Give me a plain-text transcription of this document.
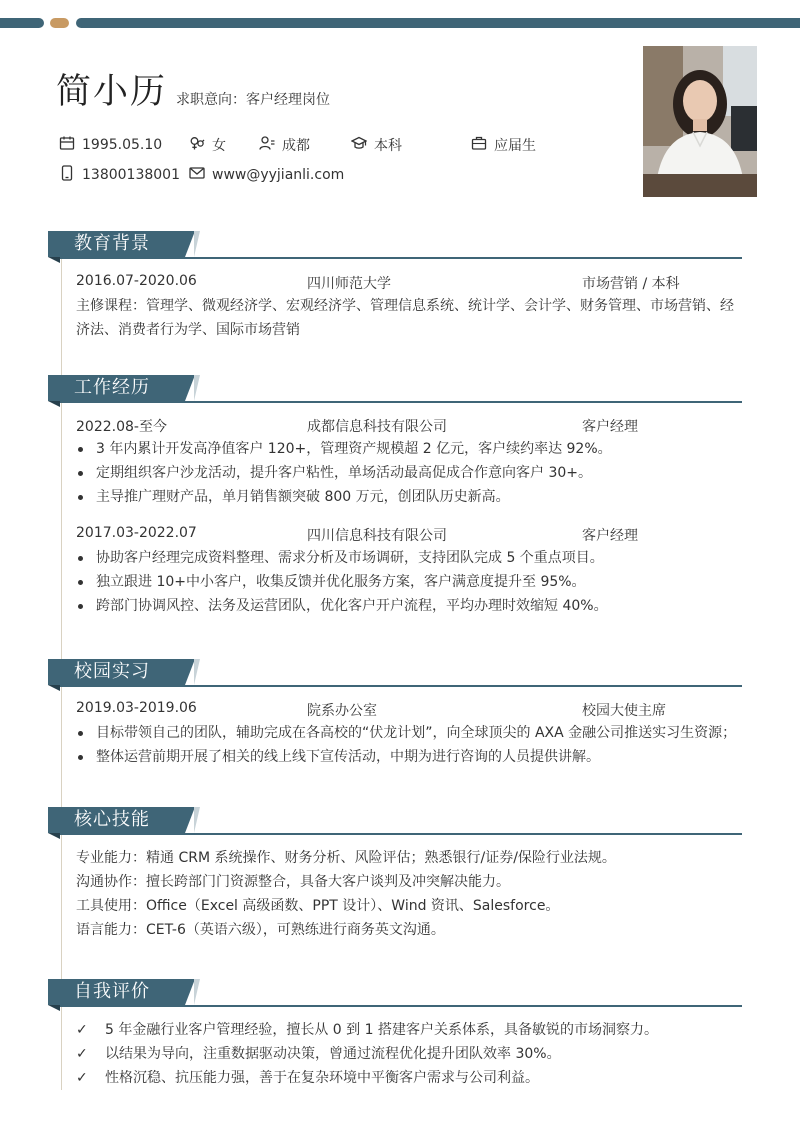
简小历 求职意向：客户经理岗位
1995.05.10	女	成都	本科	应届生
13800138001 www@yyjianli.com
教育背景
2016.07-2020.06	四川师范大学	市场营销 / 本科
主修课程：管理学、微观经济学、宏观经济学、管理信息系统、统计学、会计学、财务管理、市场营销、经济法、消费者行为学、国际市场营销
工作经历
2022.08-至今	成都信息科技有限公司	客户经理
3 年内累计开发高净值客户 120+，管理资产规模超 2 亿元，客户续约率达 92%。
定期组织客户沙龙活动，提升客户粘性，单场活动最高促成合作意向客户 30+。
主导推广理财产品，单月销售额突破 800 万元，创团队历史新高。
2017.03-2022.07	四川信息科技有限公司	客户经理
协助客户经理完成资料整理、需求分析及市场调研，支持团队完成 5 个重点项目。
独立跟进 10+中小客户，收集反馈并优化服务方案，客户满意度提升至 95%。
跨部门协调风控、法务及运营团队，优化客户开户流程，平均办理时效缩短 40%。
校园实习
2019.03-2019.06	院系办公室	校园大使主席
目标带领自己的团队，辅助完成在各高校的“伏龙计划”，向全球顶尖的 AXA 金融公司推送实习生资源；
整体运营前期开展了相关的线上线下宣传活动，中期为进行咨询的人员提供讲解。
核心技能
专业能力：精通 CRM 系统操作、财务分析、风险评估；熟悉银行/证券/保险行业法规。
沟通协作：擅长跨部门门资源整合，具备大客户谈判及冲突解决能力。
工具使用：Office（Excel 高级函数、PPT 设计）、Wind 资讯、Salesforce。
语言能力：CET-6（英语六级），可熟练进行商务英文沟通。
自我评价
✓ 5 年金融行业客户管理经验，擅长从 0 到 1 搭建客户关系体系，具备敏锐的市场洞察力。
✓ 以结果为导向，注重数据驱动决策，曾通过流程优化提升团队效率 30%。
✓ 性格沉稳、抗压能力强，善于在复杂环境中平衡客户需求与公司利益。
